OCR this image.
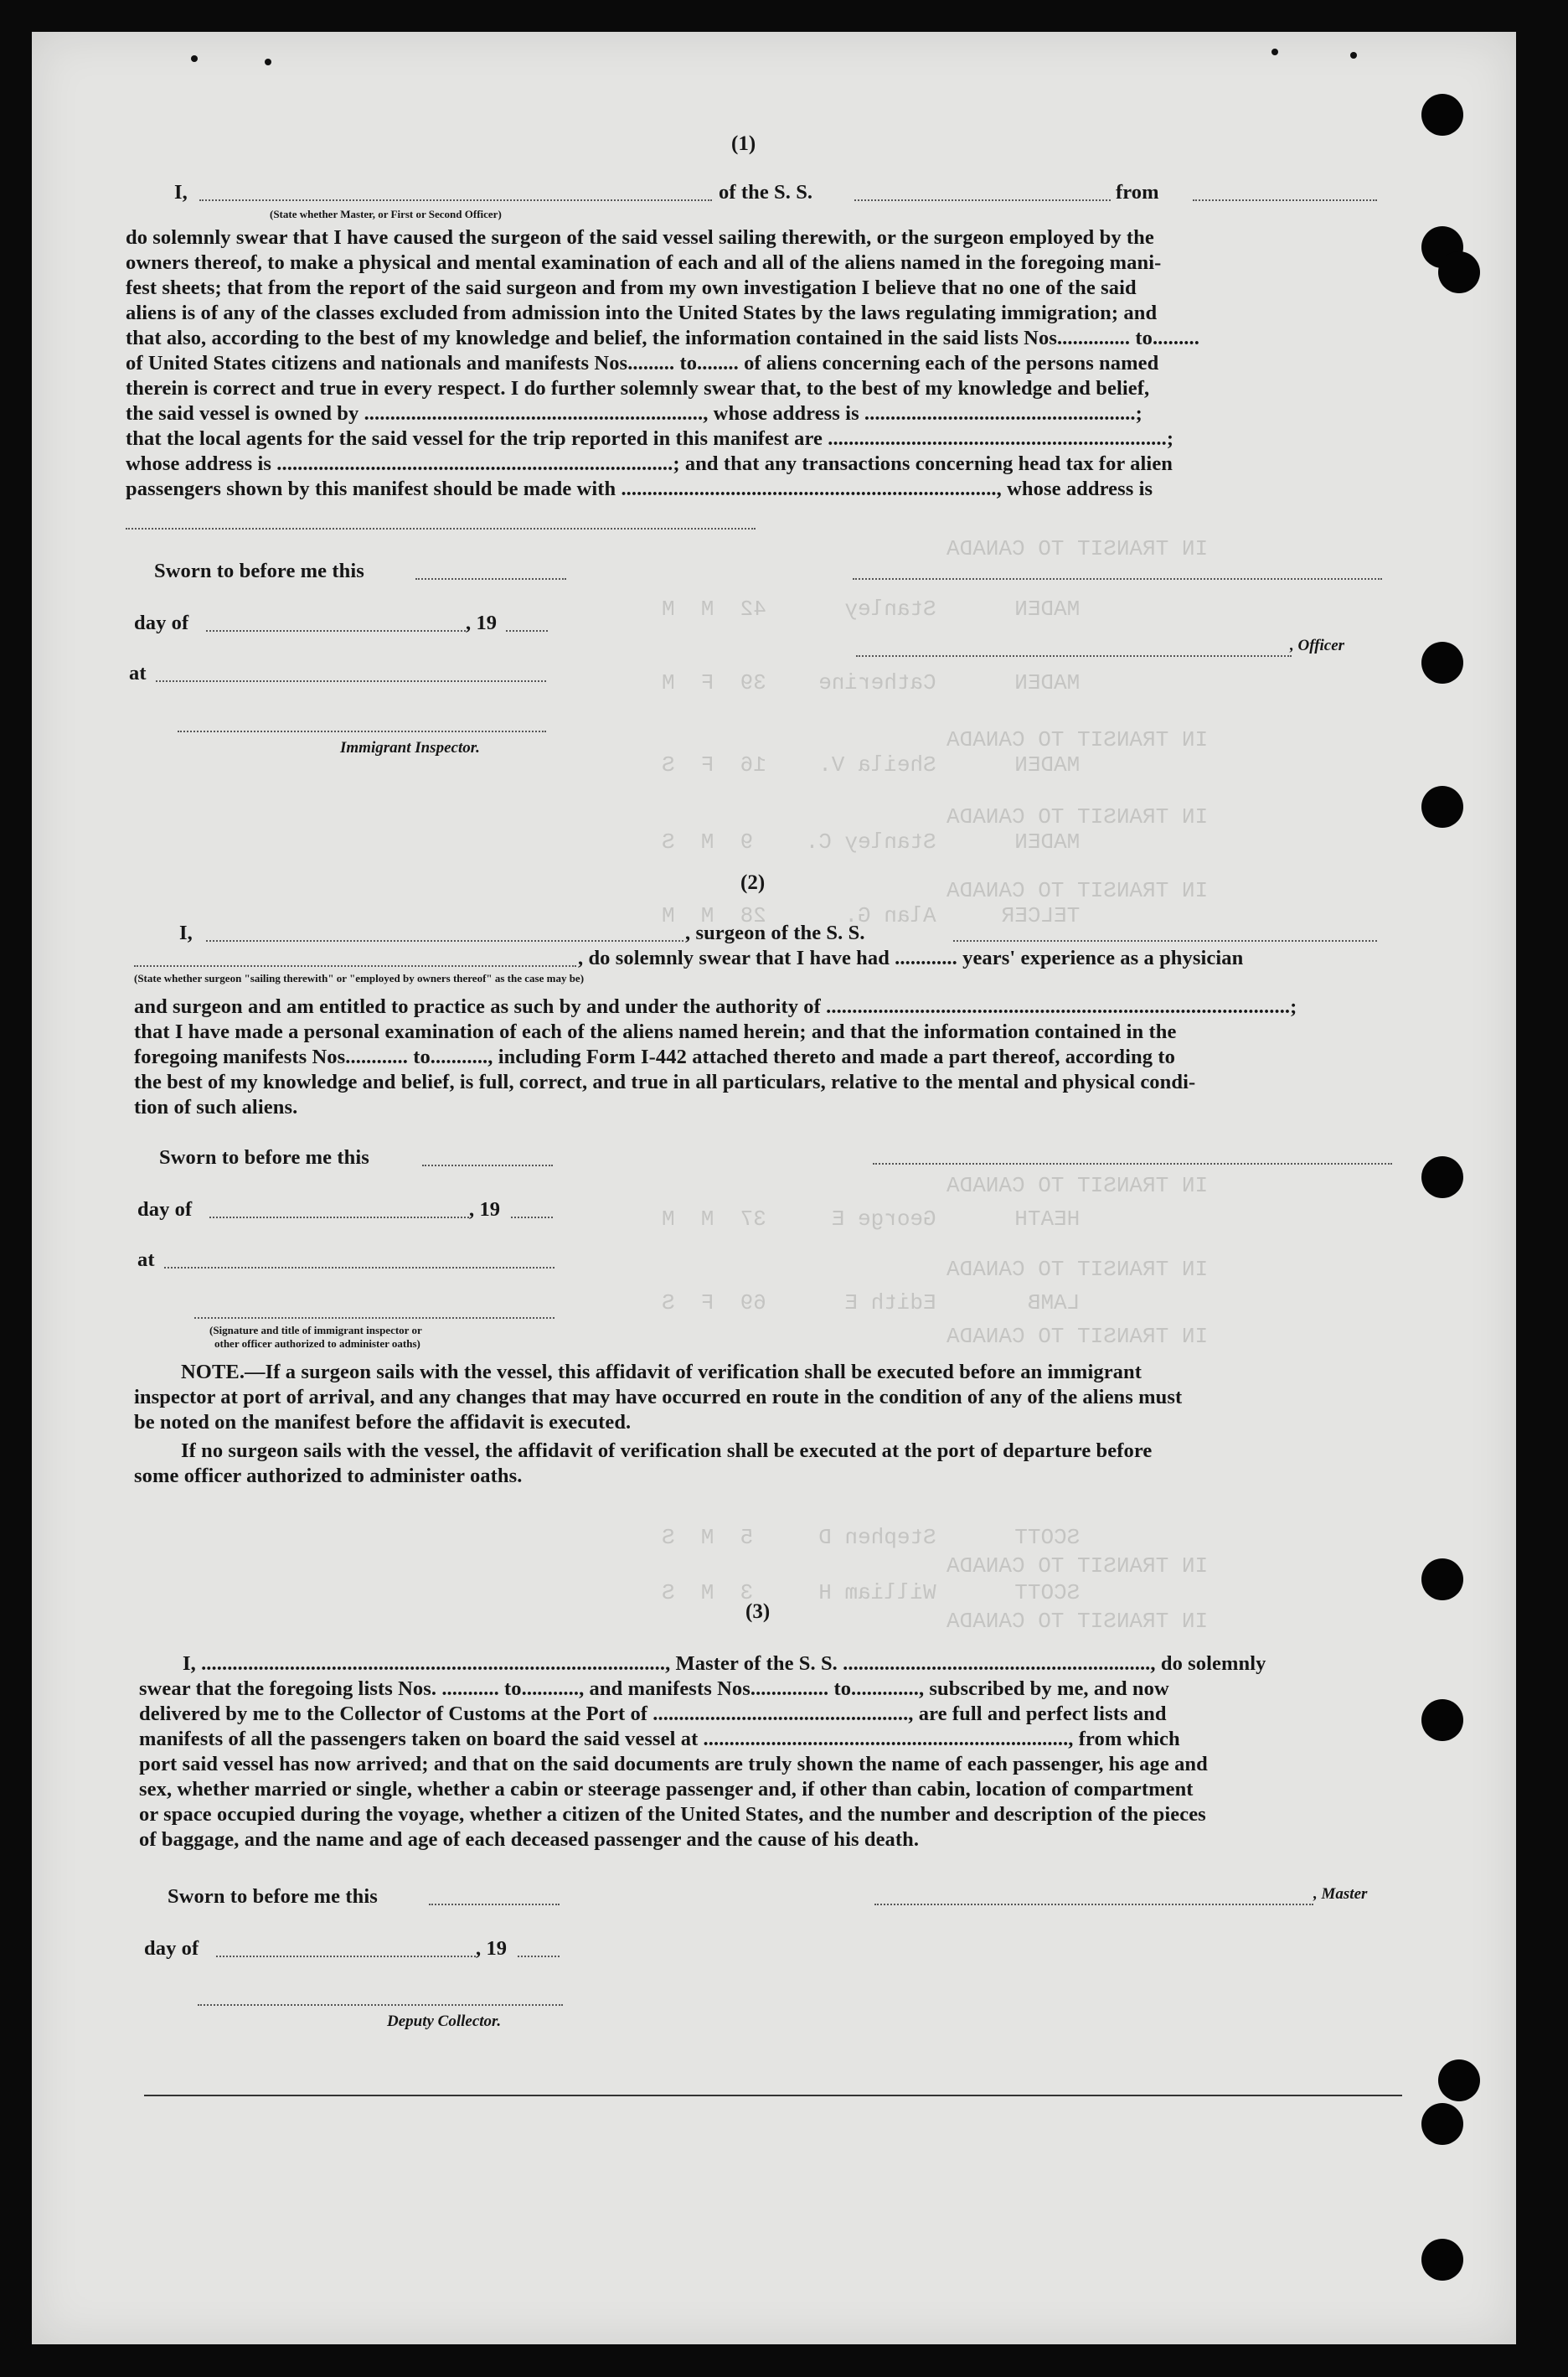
IN TRANSIT TO CANADA
MADEN      Stanley      42  M  M
MADEN      Catherine    39  F  M
IN TRANSIT TO CANADA
MADEN      Sheila V.    16  F  S
IN TRANSIT TO CANADA
MADEN      Stanley C.    9  M  S
IN TRANSIT TO CANADA
TELCER     Alan G.      28  M  M
IN TRANSIT TO CANADA
HEATH      George E     37  M  M
IN TRANSIT TO CANADA
LAMB       Edith E      69  F  S
IN TRANSIT TO CANADA
SCOTT      Stephen D     5  M  S
IN TRANSIT TO CANADA
SCOTT      William H     3  M  S
IN TRANSIT TO CANADA
(1)
I,	of the S. S.	from
(State whether Master, or First or Second Officer)
do solemnly swear that I have caused the surgeon of the said vessel sailing therewith, or the surgeon employed by the
owners thereof, to make a physical and mental examination of each and all of the aliens named in the foregoing mani-
fest sheets; that from the report of the said surgeon and from my own investigation I believe that no one of the said
aliens is of any of the classes excluded from admission into the United States by the laws regulating immigration; and
that also, according to the best of my knowledge and belief, the information contained in the said lists Nos.............. to.........
of United States citizens and nationals and manifests Nos......... to........ of aliens concerning each of the persons named
therein is correct and true in every respect. I do further solemnly swear that, to the best of my knowledge and belief,
the said vessel is owned by ................................................................., whose address is ....................................................;
that the local agents for the said vessel for the trip reported in this manifest are .................................................................;
whose address is ............................................................................; and that any transactions concerning head tax for alien
passengers shown by this manifest should be made with ........................................................................, whose address is
Sworn to before me this
day of	, 19
at
Immigrant Inspector.
, Officer
(2)
I,	, surgeon of the S. S.
, do solemnly swear that I have had ............ years' experience as a physician
(State whether surgeon "sailing therewith" or "employed by owners thereof" as the case may be)
and surgeon and am entitled to practice as such by and under the authority of .........................................................................................;
that I have made a personal examination of each of the aliens named herein; and that the information contained in the
foregoing manifests Nos............ to..........., including Form I-442 attached thereto and made a part thereof, according to
the best of my knowledge and belief, is full, correct, and true in all particulars, relative to the mental and physical condi-
tion of such aliens.
Sworn to before me this
day of	, 19
at
(Signature and title of immigrant inspector or
other officer authorized to administer oaths)
NOTE.—If a surgeon sails with the vessel, this affidavit of verification shall be executed before an immigrant
inspector at port of arrival, and any changes that may have occurred en route in the condition of any of the aliens must
be noted on the manifest before the affidavit is executed.
If no surgeon sails with the vessel, the affidavit of verification shall be executed at the port of departure before
some officer authorized to administer oaths.
(3)
I, ........................................................................................., Master of the S. S. ..........................................................., do solemnly
swear that the foregoing lists Nos. ........... to..........., and manifests Nos............... to............., subscribed by me, and now
delivered by me to the Collector of Customs at the Port of ................................................., are full and perfect lists and
manifests of all the passengers taken on board the said vessel at ......................................................................, from which
port said vessel has now arrived; and that on the said documents are truly shown the name of each passenger, his age and
sex, whether married or single, whether a cabin or steerage passenger and, if other than cabin, location of compartment
or space occupied during the voyage, whether a citizen of the United States, and the number and description of the pieces
of baggage, and the name and age of each deceased passenger and the cause of his death.
Sworn to before me this
day of	, 19
Deputy Collector.
, Master
